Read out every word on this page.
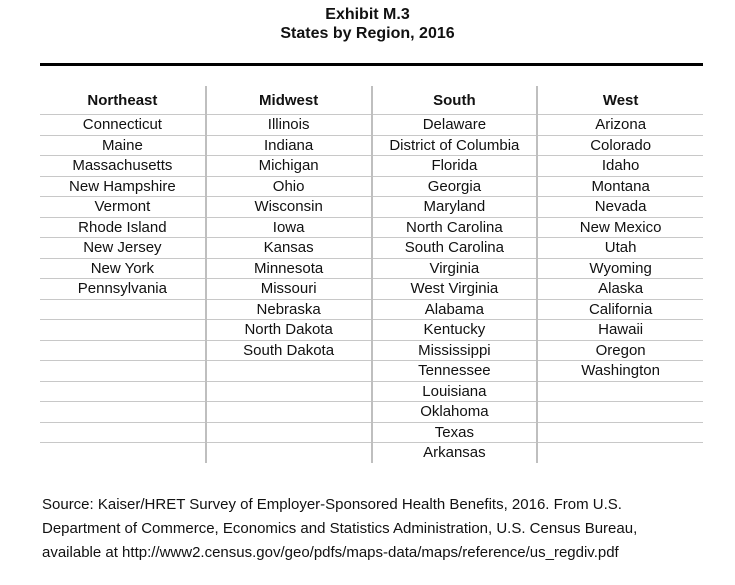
Exhibit M.3
States by Region, 2016
Northeast	Midwest	South	West
Connecticut	Illinois	Delaware	Arizona
Maine	Indiana	District of Columbia	Colorado
Massachusetts	Michigan	Florida	Idaho
New Hampshire	Ohio	Georgia	Montana
Vermont	Wisconsin	Maryland	Nevada
Rhode Island	Iowa	North Carolina	New Mexico
New Jersey	Kansas	South Carolina	Utah
New York	Minnesota	Virginia	Wyoming
Pennsylvania	Missouri	West Virginia	Alaska
	Nebraska	Alabama	California
	North Dakota	Kentucky	Hawaii
	South Dakota	Mississippi	Oregon
		Tennessee	Washington
		Louisiana	
		Oklahoma	
		Texas	
		Arkansas	
Source: Kaiser/HRET Survey of Employer-Sponsored Health Benefits, 2016. From U.S.
Department of Commerce, Economics and Statistics Administration, U.S. Census Bureau,
available at http://www2.census.gov/geo/pdfs/maps-data/maps/reference/us_regdiv.pdf
